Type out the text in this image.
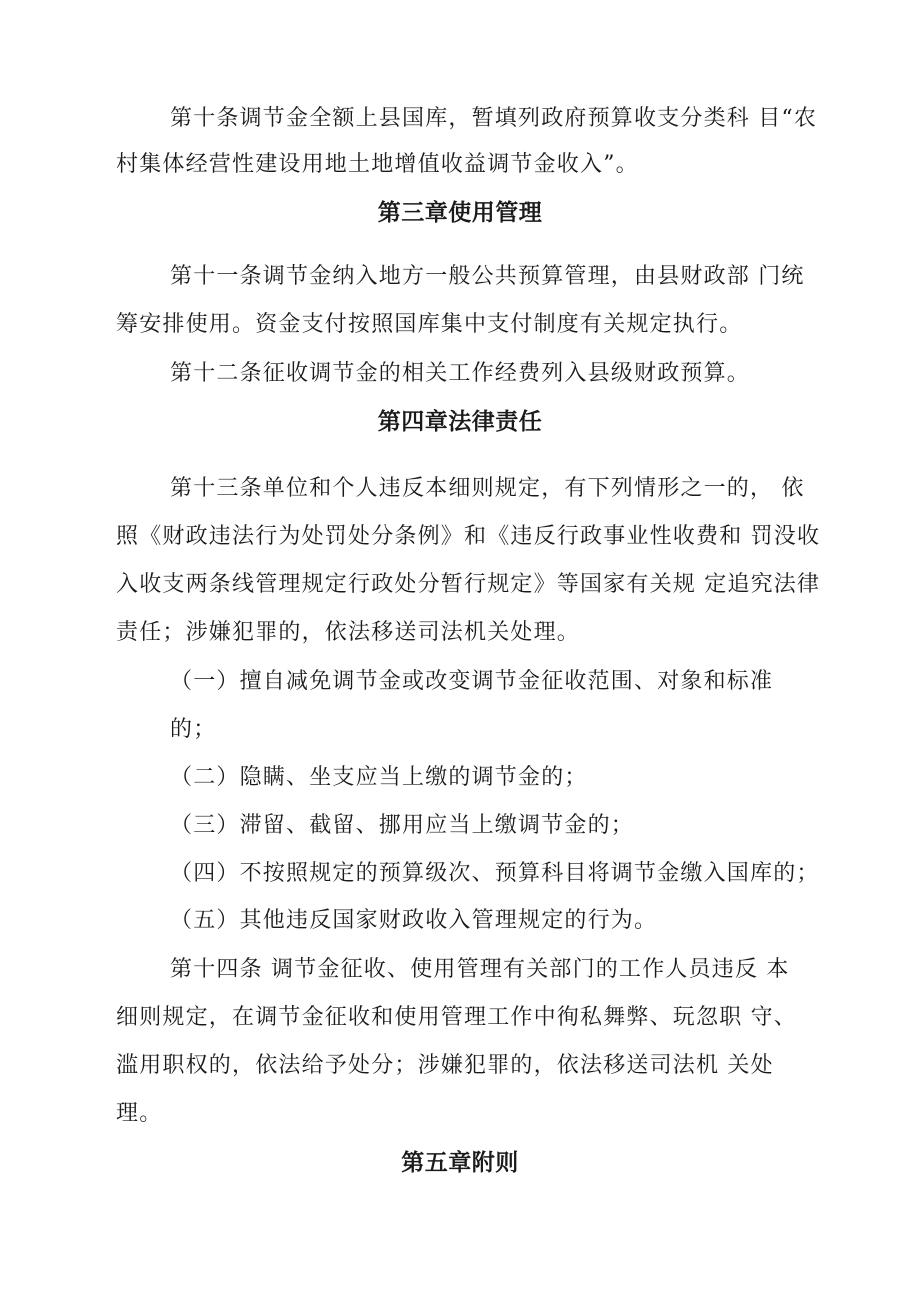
第十条调节金全额上县国库，暂填列政府预算收支分类科 目“农
村集体经营性建设用地土地增值收益调节金收入”。
第三章使用管理
第十一条调节金纳入地方一般公共预算管理，由县财政部 门统
筹安排使用。资金支付按照国库集中支付制度有关规定执行。
第十二条征收调节金的相关工作经费列入县级财政预算。
第四章法律责任
第十三条单位和个人违反本细则规定，有下列情形之一的， 依
照《财政违法行为处罚处分条例》和《违反行政事业性收费和 罚没收
入收支两条线管理规定行政处分暂行规定》等国家有关规 定追究法律
责任；涉嫌犯罪的，依法移送司法机关处理。
（一）擅自减免调节金或改变调节金征收范围、对象和标准
的；
（二）隐瞒、坐支应当上缴的调节金的；
（三）滞留、截留、挪用应当上缴调节金的；
（四）不按照规定的预算级次、预算科目将调节金缴入国库的；
（五）其他违反国家财政收入管理规定的行为。
第十四条 调节金征收、使用管理有关部门的工作人员违反 本
细则规定，在调节金征收和使用管理工作中徇私舞弊、玩忽职 守、
滥用职权的，依法给予处分；涉嫌犯罪的，依法移送司法机 关处
理。
第五章附则
